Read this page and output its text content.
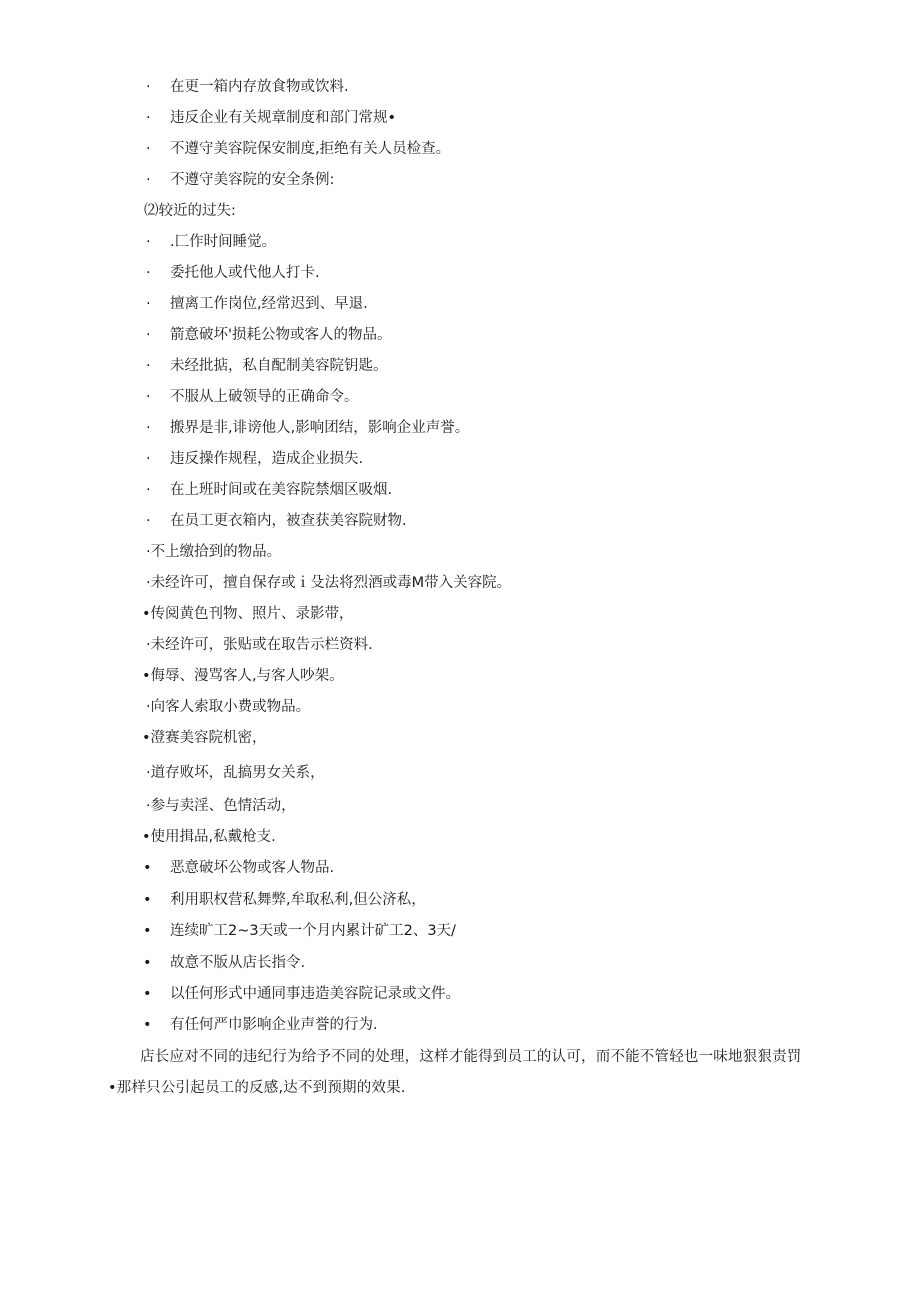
· 在更一箱内存放食物或饮料.
· 违反企业有关规章制度和部门常规•
· 不遵守美容院保安制度,拒绝有关人员检查。
· 不遵守美容院的安全条例:
⑵较近的过失:
· .匚作时间睡觉。
· 委托他人或代他人打卡.
· 擅离工作岗位,经常迟到、早退.
· 箭意破坏'损耗公物或客人的物品。
· 未经批掂，私自配制美容院钥匙。
· 不服从上破领导的正确命令。
· 搬界是非,诽谤他人,影响团结，影响企业声誉。
· 违反操作规程，造成企业损失.
· 在上班时间或在美容院禁烟区吸烟.
· 在员工更衣箱内，被查获美容院财物.
·不上缴拾到的物品。
·未经许可，擅自保存或ｉ殳法将烈酒或毒M带入关容院。
•传阅黄色刊物、照片、录影带，
·未经许可，张贴或在取告示栏资料.
•侮辱、漫骂客人,与客人吵架。
·向客人索取小费或物品。
•澄赛美容院机密，
·道存败坏，乱搞男女关系，
·参与卖淫、色情活动，
•使用揖品,私戴枪支.
• 恶意破坏公物或客人物品.
• 利用职权营私舞弊,牟取私利,但公济私，
• 连续旷工2~3天或一个月内累计矿工2、3天/
• 故意不版从店长指令.
• 以任何形式中通同事违造美容院记录或文件。
• 有任何严巾影响企业声誉的行为.
店长应对不同的违纪行为给予不同的处理，这样才能得到员工的认可，而不能不管轻也一味地狠狠责罚•那样只公引起员工的反感,达不到预期的效果.
